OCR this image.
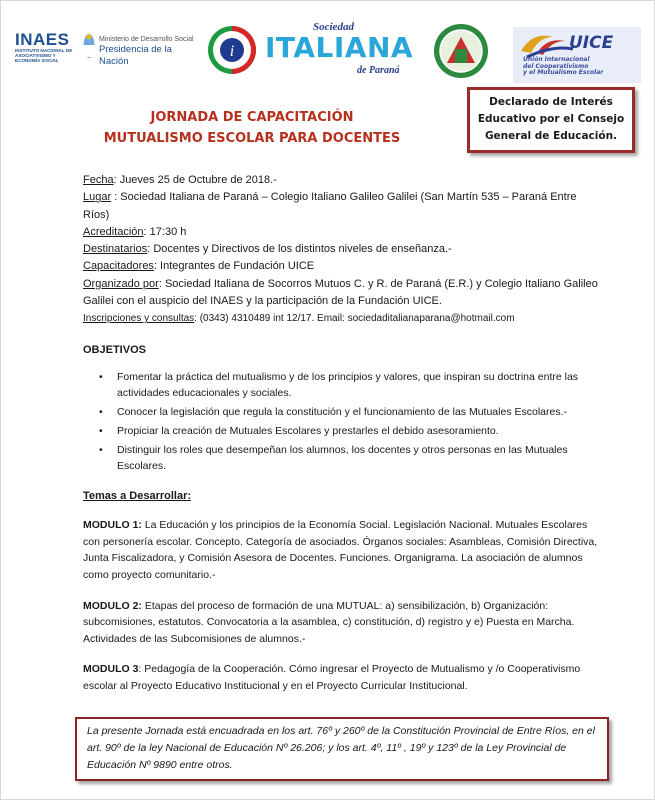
INAES
INSTITUTO NACIONAL DE ASOCIATIVISMO Y ECONOMÍA SOCIAL
Ministerio de Desarrollo Social
Presidencia de la Nación
i
Sociedad
ITALIANA
de Paraná
UICE
Unión Internacional
del Cooperativismo
y el Mutualismo Escolar
JORNADA DE CAPACITACIÓN
MUTUALISMO ESCOLAR PARA DOCENTES
Declarado de Interés
Educativo por el Consejo
General de Educación.

Fecha: Jueves 25 de Octubre de 2018.-

Lugar : Sociedad Italiana de Paraná – Colegio Italiano Galileo Galilei (San Martín 535 – Paraná Entre Ríos)

Acreditación: 17:30 h

Destinatarios: Docentes y Directivos de los distintos niveles de enseñanza.-

Capacitadores: Integrantes de Fundación UICE

Organizado por: Sociedad Italiana de Socorros Mutuos C. y R. de Paraná (E.R.) y Colegio Italiano Galileo Galilei con el auspicio del INAES y la participación de la Fundación UICE.

Inscripciones y consultas: (0343) 4310489 int 12/17. Email: sociedaditalianaparana@hotmail.com

OBJETIVOS
• Fomentar la práctica del mutualismo y de los principios y valores, que inspiran su doctrina entre las actividades educacionales y sociales.
• Conocer la legislación que regula la constitución y el funcionamiento de las Mutuales Escolares.-
• Propiciar la creación de Mutuales Escolares y prestarles el debido asesoramiento.
• Distinguir los roles que desempeñan los alumnos, los docentes y otros personas en las Mutuales Escolares.
Temas a Desarrollar:

MODULO 1: La Educación y los principios de la Economía Social. Legislación Nacional. Mutuales Escolares con personería escolar. Concepto. Categoría de asociados. Órganos sociales: Asambleas, Comisión Directiva, Junta Fiscalizadora, y Comisión Asesora de Docentes. Funciones. Organigrama. La asociación de alumnos como proyecto comunitario.-

MODULO 2: Etapas del proceso de formación de una MUTUAL: a) sensibilización, b) Organización: subcomisiones, estatutos. Convocatoria a la asamblea, c) constitución, d) registro y e) Puesta en Marcha. Actividades de las Subcomisiones de alumnos.-

MODULO 3: Pedagogía de la Cooperación. Cómo ingresar el Proyecto de Mutualismo y /o Cooperativismo escolar al Proyecto Educativo Institucional y en el Proyecto Curricular Institucional.

La presente Jornada está encuadrada en los art. 76º y 260º de la Constitución Provincial de Entre Ríos, en el art. 90º de la ley Nacional de Educación Nº 26.206; y los art. 4º, 11º , 19º y 123º de la Ley Provincial de Educación Nº 9890 entre otros.
